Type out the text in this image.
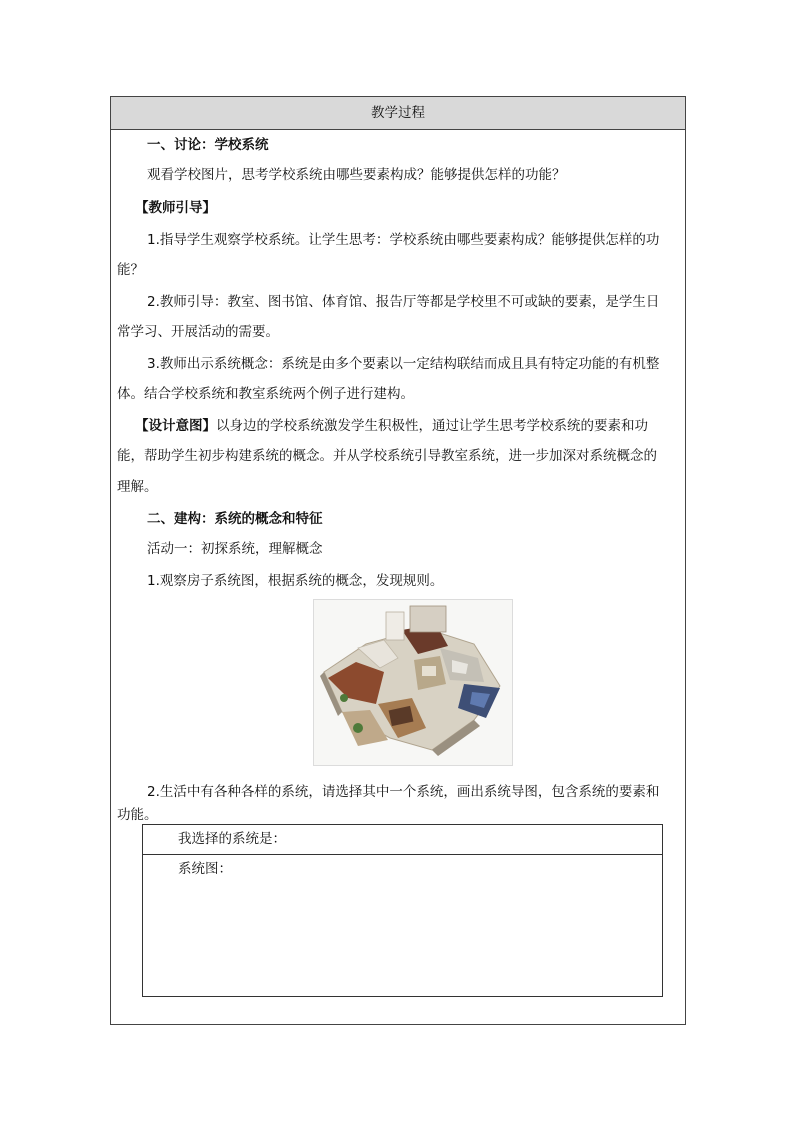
教学过程
一、讨论：学校系统
观看学校图片，思考学校系统由哪些要素构成？能够提供怎样的功能？
【教师引导】
1.指导学生观察学校系统。让学生思考：学校系统由哪些要素构成？能够提供怎样的功
能？
2.教师引导：教室、图书馆、体育馆、报告厅等都是学校里不可或缺的要素，是学生日
常学习、开展活动的需要。
3.教师出示系统概念：系统是由多个要素以一定结构联结而成且具有特定功能的有机整
体。结合学校系统和教室系统两个例子进行建构。
【设计意图】以身边的学校系统激发学生积极性，通过让学生思考学校系统的要素和功
能，帮助学生初步构建系统的概念。并从学校系统引导教室系统，进一步加深对系统概念的
理解。
二、建构：系统的概念和特征
活动一：初探系统，理解概念
1.观察房子系统图，根据系统的概念，发现规则。
2.生活中有各种各样的系统，请选择其中一个系统，画出系统导图，包含系统的要素和
功能。
我选择的系统是：
系统图：
